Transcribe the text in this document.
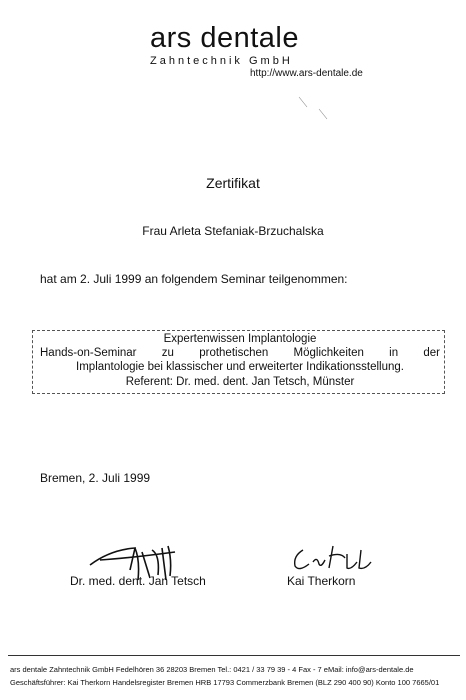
ars dentale
Zahntechnik GmbH
http://www.ars-dentale.de
Zertifikat
Frau Arleta Stefaniak-Brzuchalska
hat am 2. Juli 1999 an folgendem Seminar teilgenommen:
Expertenwissen Implantologie
Hands-on-Seminar zu prothetischen Möglichkeiten in der
Implantologie bei klassischer und erweiterter Indikationsstellung.
Referent: Dr. med. dent. Jan Tetsch, Münster
Bremen, 2. Juli 1999
Dr. med. dent. Jan Tetsch	Kai Therkorn
ars dentale Zahntechnik GmbH Fedelhören 36 28203 Bremen Tel.: 0421 / 33 79 39 - 4 Fax - 7 eMail: info@ars-dentale.de
Geschäftsführer: Kai Therkorn Handelsregister Bremen HRB 17793 Commerzbank Bremen (BLZ 290 400 90) Konto 100 7665/01
